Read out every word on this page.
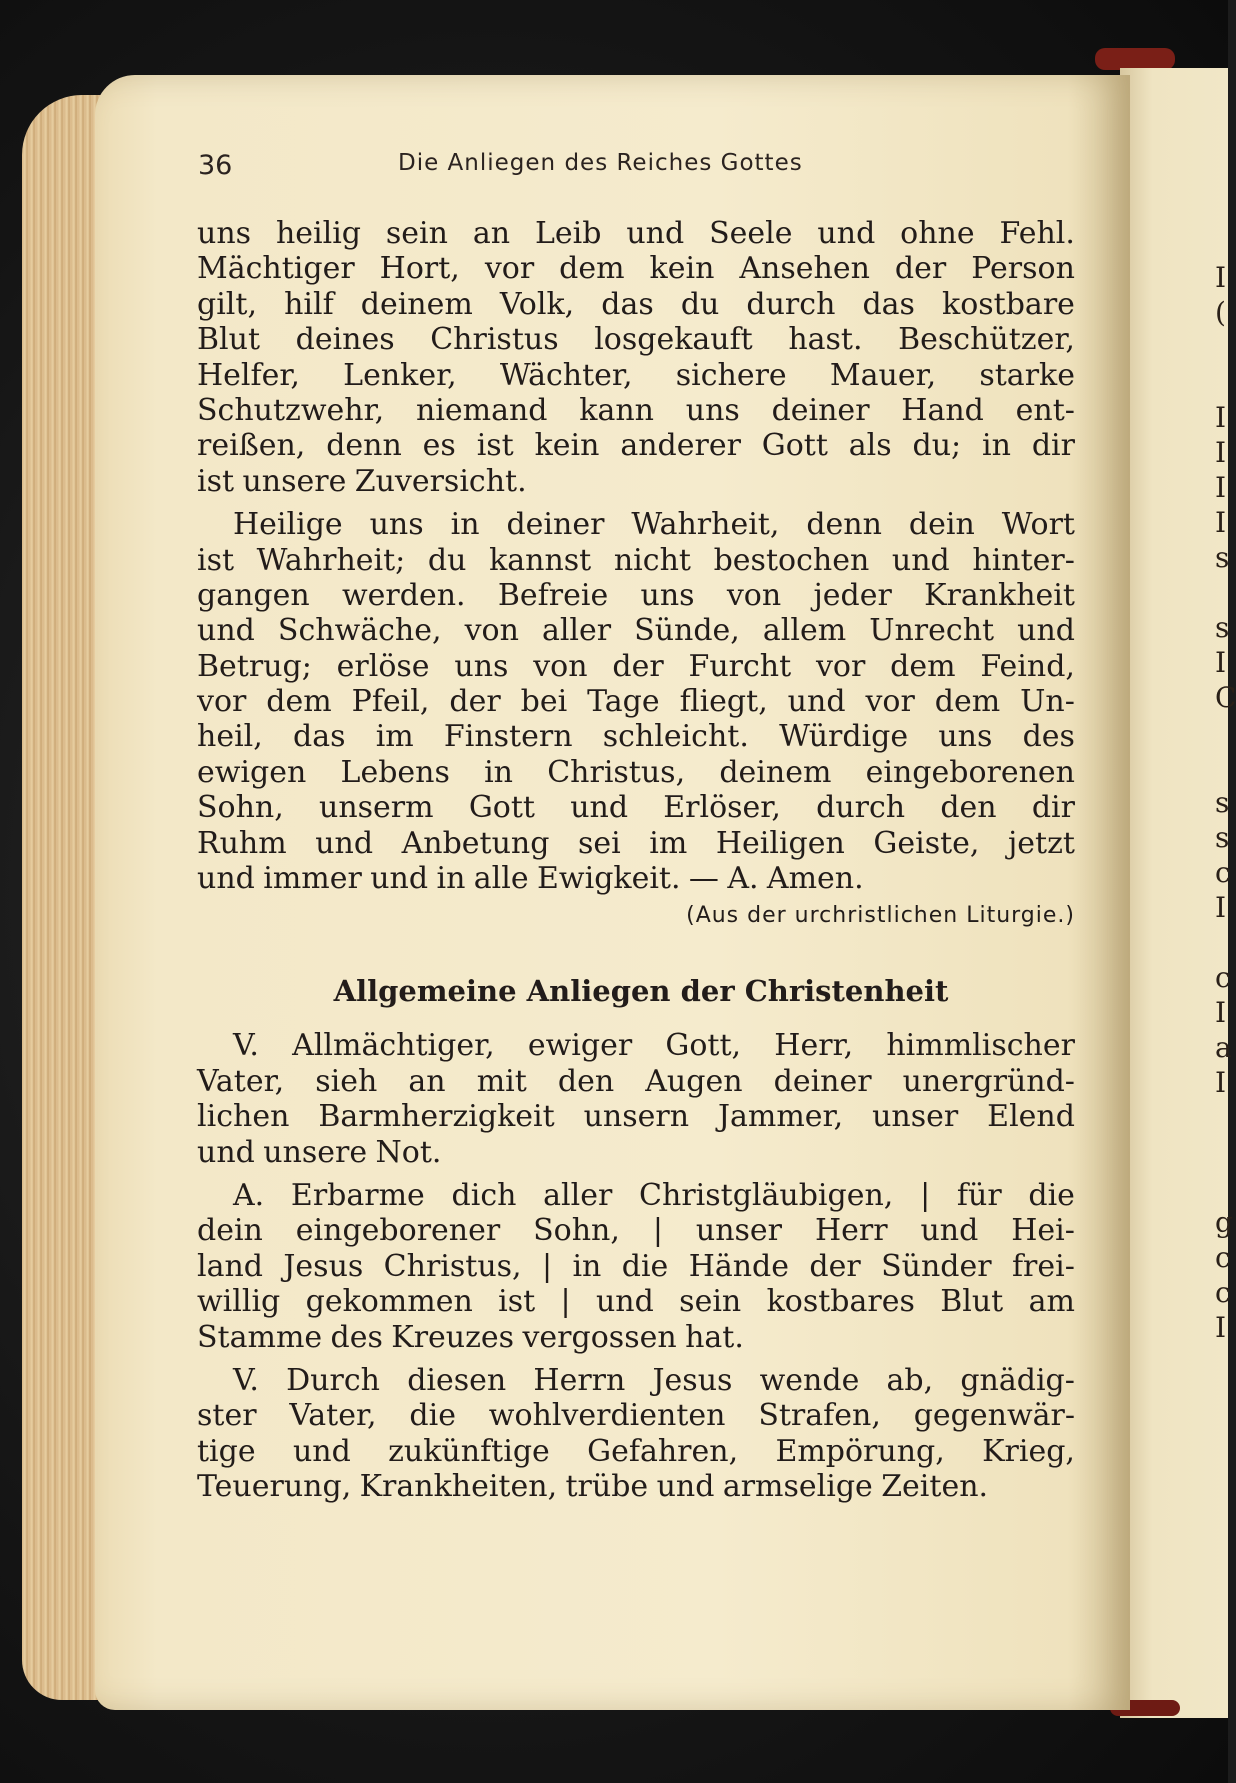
I
(

I
I
I
I
s

s
I
C

s
s
c
I

c
I
a
I

g
c
c
I
36	Die Anliegen des Reiches Gottes
uns heilig sein an Leib und Seele und ohne Fehl.
Mächtiger Hort, vor dem kein Ansehen der Person
gilt, hilf deinem Volk, das du durch das kostbare
Blut deines Christus losgekauft hast. Beschützer,
Helfer, Lenker, Wächter, sichere Mauer, starke
Schutzwehr, niemand kann uns deiner Hand ent-
reißen, denn es ist kein anderer Gott als du; in dir
ist unsere Zuversicht.
Heilige uns in deiner Wahrheit, denn dein Wort
ist Wahrheit; du kannst nicht bestochen und hinter-
gangen werden. Befreie uns von jeder Krankheit
und Schwäche, von aller Sünde, allem Unrecht und
Betrug; erlöse uns von der Furcht vor dem Feind,
vor dem Pfeil, der bei Tage fliegt, und vor dem Un-
heil, das im Finstern schleicht. Würdige uns des
ewigen Lebens in Christus, deinem eingeborenen
Sohn, unserm Gott und Erlöser, durch den dir
Ruhm und Anbetung sei im Heiligen Geiste, jetzt
und immer und in alle Ewigkeit. — A. Amen.
(Aus der urchristlichen Liturgie.)
Allgemeine Anliegen der Christenheit
V. Allmächtiger, ewiger Gott, Herr, himmlischer
Vater, sieh an mit den Augen deiner unergründ-
lichen Barmherzigkeit unsern Jammer, unser Elend
und unsere Not.
A. Erbarme dich aller Christgläubigen, | für die
dein eingeborener Sohn, | unser Herr und Hei-
land Jesus Christus, | in die Hände der Sünder frei-
willig gekommen ist | und sein kostbares Blut am
Stamme des Kreuzes vergossen hat.
V. Durch diesen Herrn Jesus wende ab, gnädig-
ster Vater, die wohlverdienten Strafen, gegenwär-
tige und zukünftige Gefahren, Empörung, Krieg,
Teuerung, Krankheiten, trübe und armselige Zeiten.
